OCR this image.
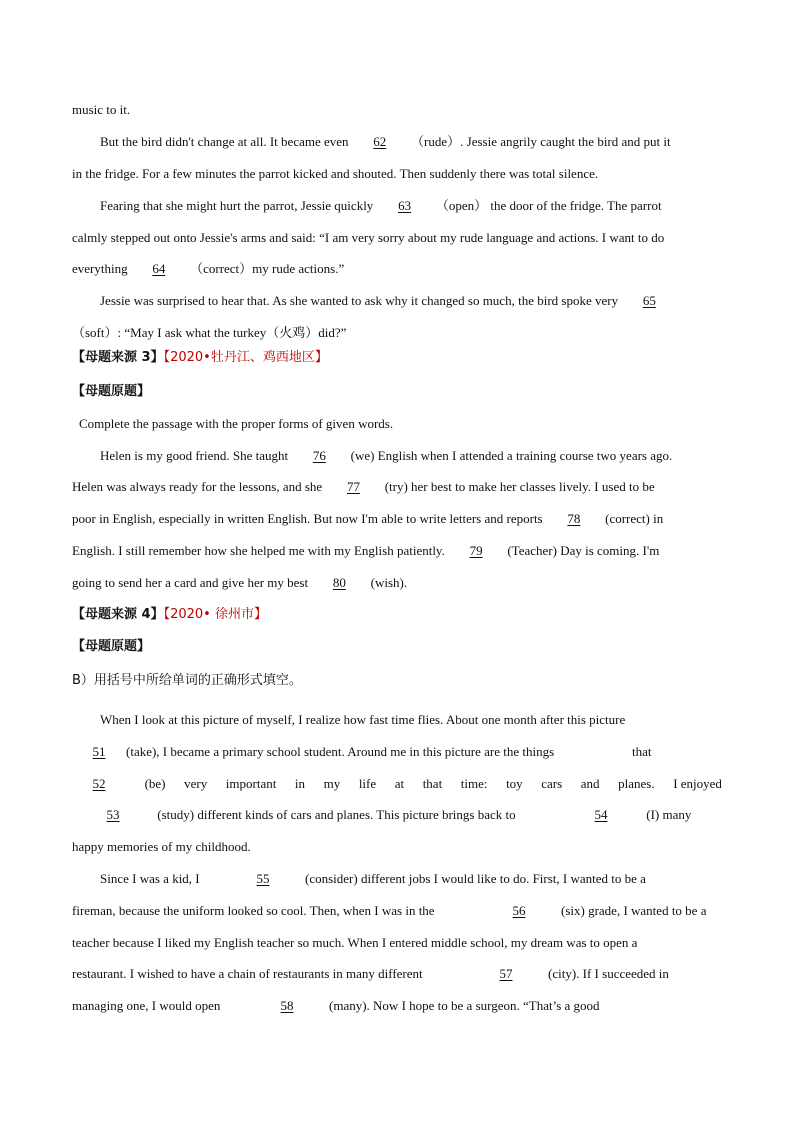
music to it.
But the bird didn't change at all. It became even 62 （rude）. Jessie angrily caught the bird and put it
in the fridge. For a few minutes the parrot kicked and shouted. Then suddenly there was total silence.
Fearing that she might hurt the parrot, Jessie quickly 63 （open） the door of the fridge. The parrot
calmly stepped out onto Jessie's arms and said: “I am very sorry about my rude language and actions. I want to do
everything 64 （correct）my rude actions.”
Jessie was surprised to hear that. As she wanted to ask why it changed so much, the bird spoke very 65
（soft）: “May I ask what the turkey（火鸡）did?”
【母题来源 3】【2020•牡丹江、鸡西地区】
【母题原题】
Complete the passage with the proper forms of given words.
Helen is my good friend. She taught 76 (we) English when I attended a training course two years ago.
Helen was always ready for the lessons, and she 77 (try) her best to make her classes lively. I used to be
poor in English, especially in written English. But now I'm able to write letters and reports 78 (correct) in
English. I still remember how she helped me with my English patiently. 79 (Teacher) Day is coming. I'm
going to send her a card and give her my best 80 (wish).
【母题来源 4】【2020• 徐州市】
【母题原题】
B）用括号中所给单词的正确形式填空。
When I look at this picture of myself, I realize how fast time flies. About one month after this picture
51 (take), I became a primary school student. Around me in this picture are the things	that
52	(be) very important in my life at that time: toy cars and planes. I enjoyed
53	(study) different kinds of cars and planes. This picture brings back to	54	(I) many
happy memories of my childhood.
Since I was a kid, I	55	(consider) different jobs I would like to do. First, I wanted to be a
fireman, because the uniform looked so cool. Then, when I was in the	56	(six) grade, I wanted to be a
teacher because I liked my English teacher so much. When I entered middle school, my dream was to open a
restaurant. I wished to have a chain of restaurants in many different	57	(city). If I succeeded in
managing one, I would open	58	(many). Now I hope to be a surgeon. “That’s a good
